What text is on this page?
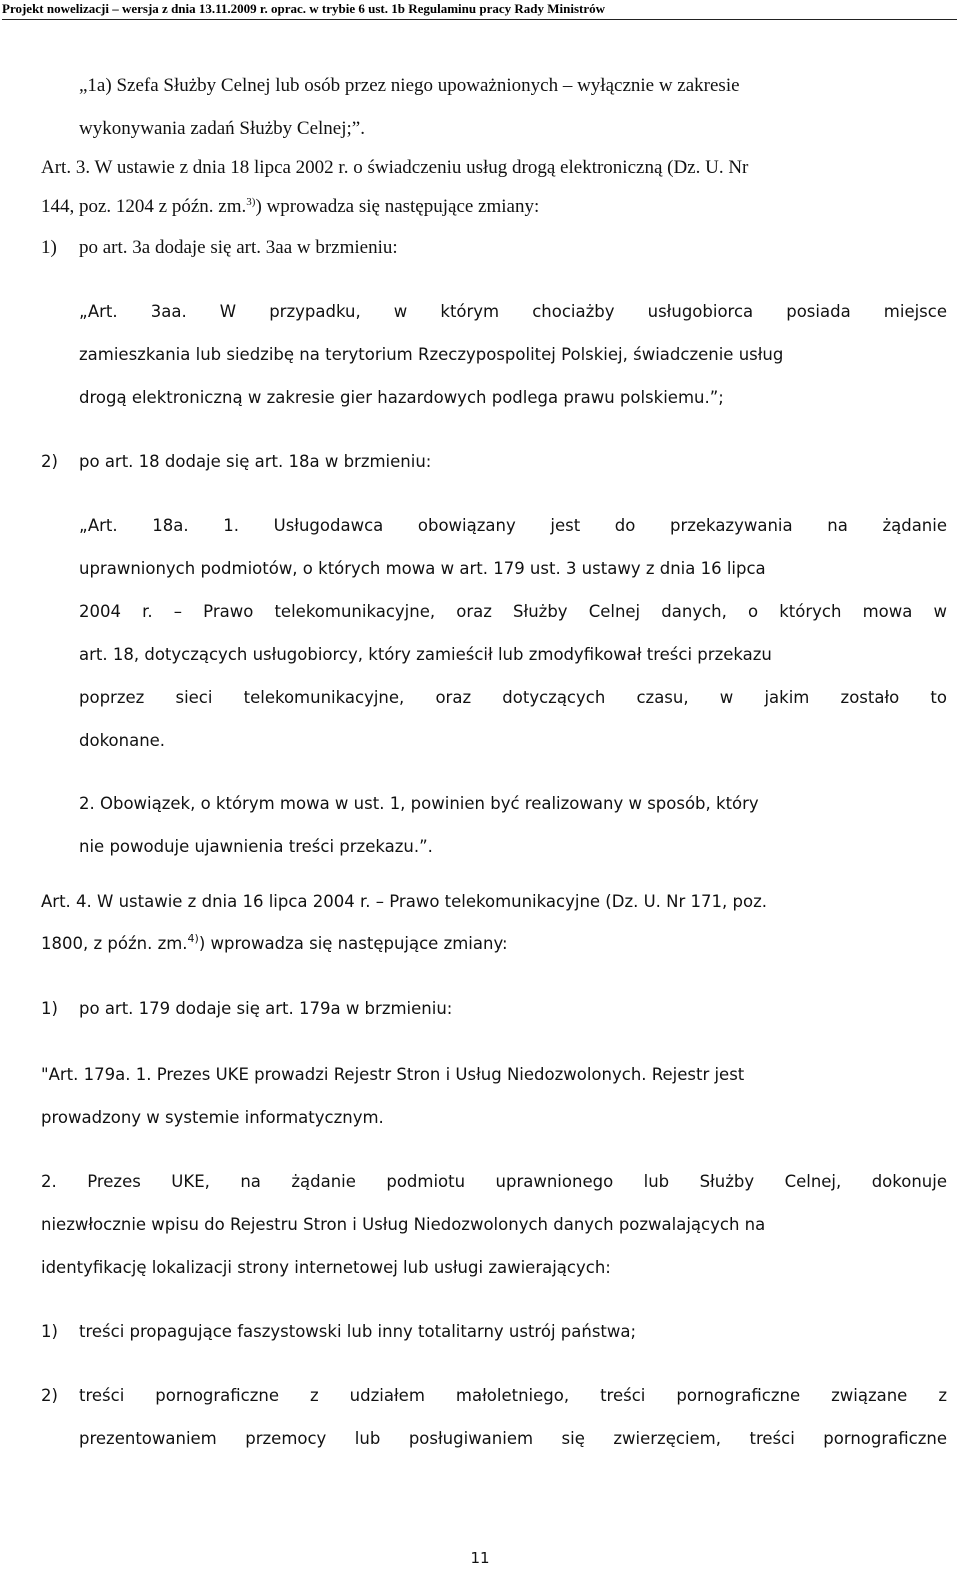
Projekt nowelizacji – wersja z dnia 13.11.2009 r. oprac. w trybie 6 ust. 1b Regulaminu pracy Rady Ministrów
„1a) Szefa Służby Celnej lub osób przez niego upoważnionych – wyłącznie w zakresie
wykonywania zadań Służby Celnej;”.
Art. 3. W ustawie z dnia 18 lipca 2002 r. o świadczeniu usług drogą elektroniczną (Dz. U. Nr
144, poz. 1204 z późn. zm.$^{3)}$) wprowadza się następujące zmiany:
1) po art. 3a dodaje się art. 3aa w brzmieniu:
„Art. 3aa. W przypadku, w którym chociażby usługobiorca posiada miejsce
zamieszkania lub siedzibę na terytorium Rzeczypospolitej Polskiej, świadczenie usług
drogą elektroniczną w zakresie gier hazardowych podlega prawu polskiemu.”;
2) po art. 18 dodaje się art. 18a w brzmieniu:
„Art. 18a. 1. Usługodawca obowiązany jest do przekazywania na żądanie
uprawnionych podmiotów, o których mowa w art. 179 ust. 3 ustawy z dnia 16 lipca
2004 r. – Prawo telekomunikacyjne, oraz Służby Celnej danych, o których mowa w
art. 18, dotyczących usługobiorcy, który zamieścił lub zmodyfikował treści przekazu
poprzez sieci telekomunikacyjne, oraz dotyczących czasu, w jakim zostało to
dokonane.
2. Obowiązek, o którym mowa w ust. 1, powinien być realizowany w sposób, który
nie powoduje ujawnienia treści przekazu.”.
Art. 4. W ustawie z dnia 16 lipca 2004 r. – Prawo telekomunikacyjne (Dz. U. Nr 171, poz.
1800, z późn. zm.$^{4)}$) wprowadza się następujące zmiany:
1) po art. 179 dodaje się art. 179a w brzmieniu:
"Art. 179a. 1. Prezes UKE prowadzi Rejestr Stron i Usług Niedozwolonych. Rejestr jest
prowadzony w systemie informatycznym.
2. Prezes UKE, na żądanie podmiotu uprawnionego lub Służby Celnej, dokonuje
niezwłocznie wpisu do Rejestru Stron i Usług Niedozwolonych danych pozwalających na
identyfikację lokalizacji strony internetowej lub usługi zawierających:
1) treści propagujące faszystowski lub inny totalitarny ustrój państwa;
2) treści pornograficzne z udziałem małoletniego, treści pornograficzne związane z
prezentowaniem przemocy lub posługiwaniem się zwierzęciem, treści pornograficzne
11
